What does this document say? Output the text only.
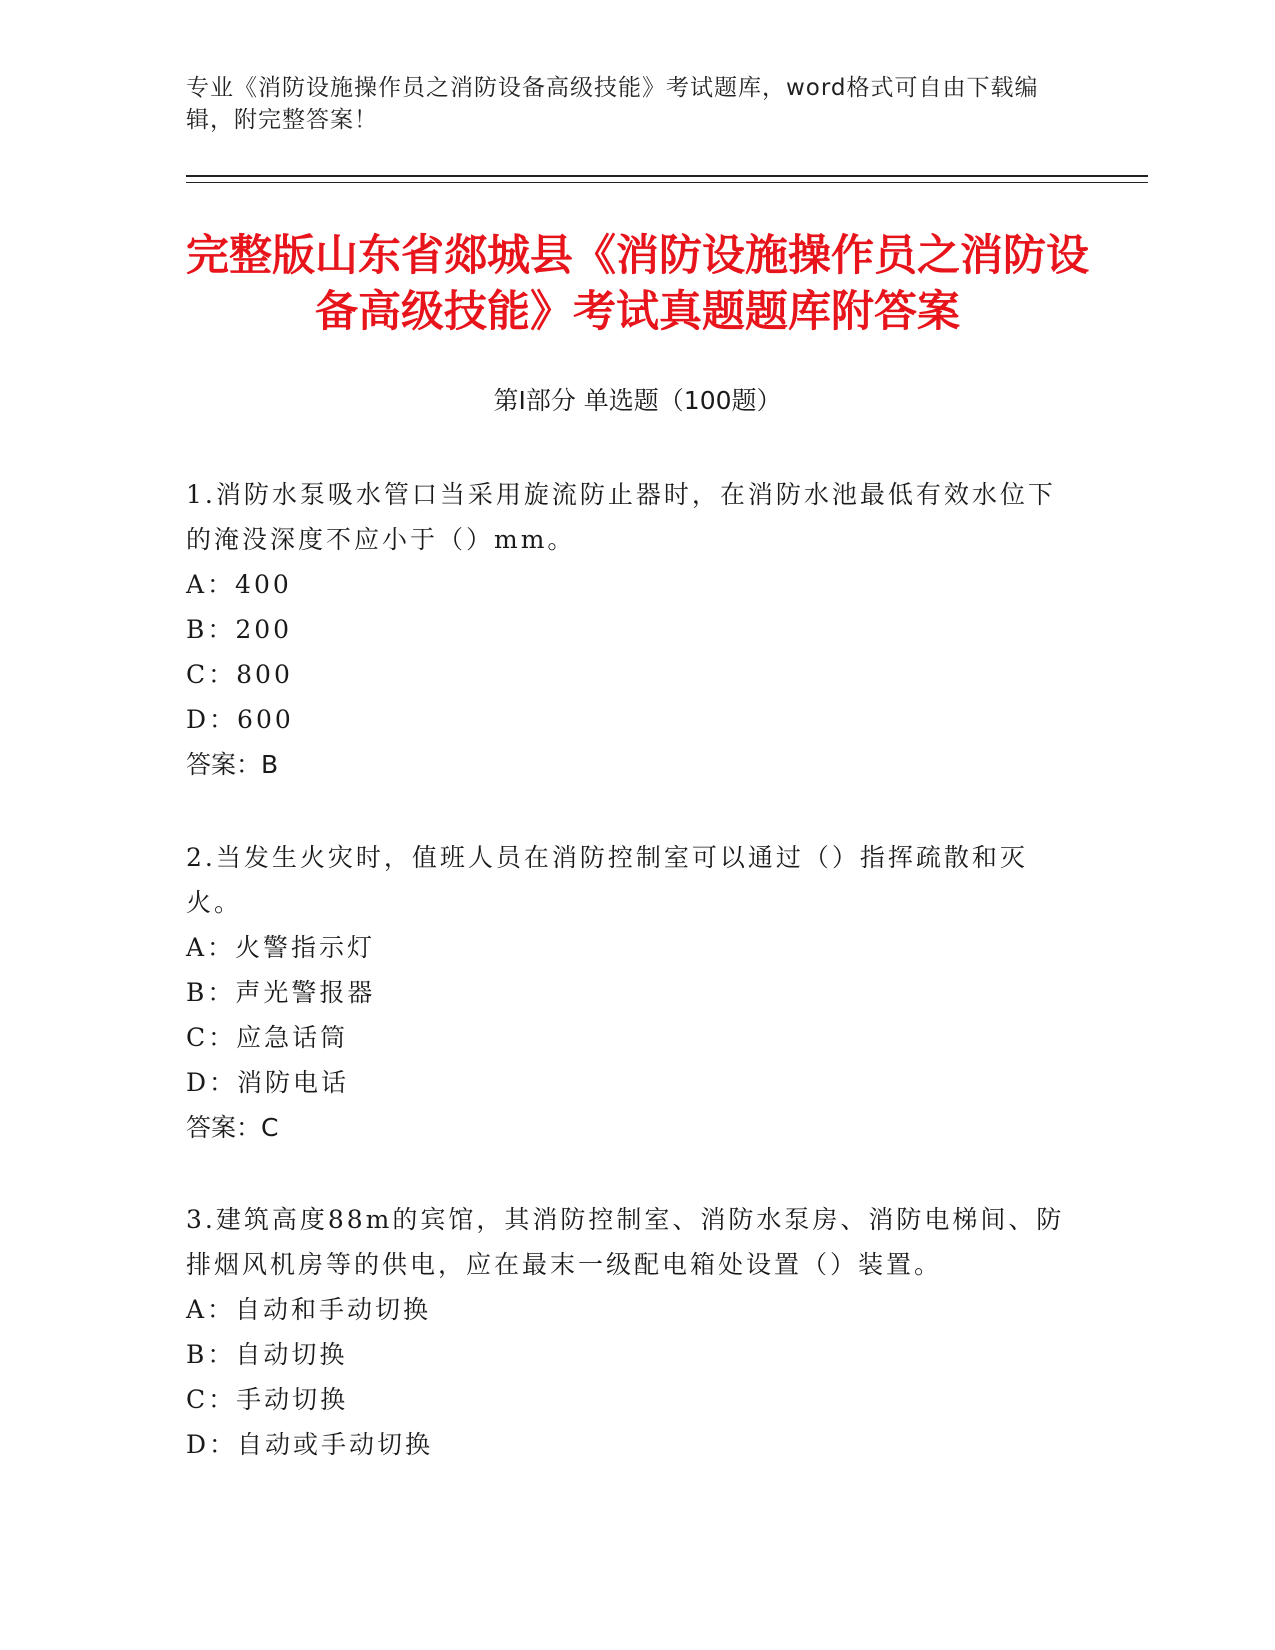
专业《消防设施操作员之消防设备高级技能》考试题库，word格式可自由下载编辑，附完整答案！
完整版山东省郯城县《消防设施操作员之消防设备高级技能》考试真题题库附答案
第Ⅰ部分 单选题（100题）

1.消防水泵吸水管口当采用旋流防止器时，在消防水池最低有效水位下的淹没深度不应小于（）mm。

A：400
B：200
C：800
D：600
答案：B

2.当发生火灾时，值班人员在消防控制室可以通过（）指挥疏散和灭火。

A：火警指示灯
B：声光警报器
C：应急话筒
D：消防电话
答案：C

3.建筑高度88m的宾馆，其消防控制室、消防水泵房、消防电梯间、防排烟风机房等的供电，应在最末一级配电箱处设置（）装置。

A：自动和手动切换
B：自动切换
C：手动切换
D：自动或手动切换
